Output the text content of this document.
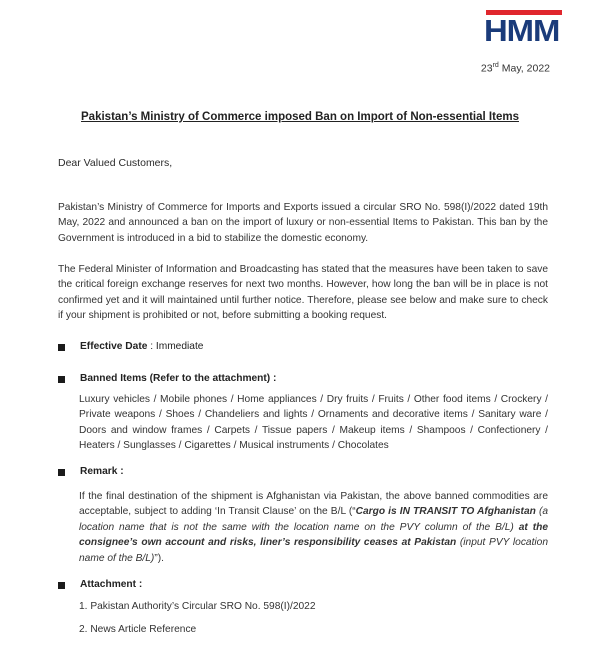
HMM
23rd May, 2022
Pakistan’s Ministry of Commerce imposed Ban on Import of Non-essential Items
Dear Valued Customers,
Pakistan’s Ministry of Commerce for Imports and Exports issued a circular SRO No. 598(I)/2022 dated 19th May, 2022 and announced a ban on the import of luxury or non-essential Items to Pakistan. This ban by the Government is introduced in a bid to stabilize the domestic economy.
The Federal Minister of Information and Broadcasting has stated that the measures have been taken to save the critical foreign exchange reserves for next two months. However, how long the ban will be in place is not confirmed yet and it will maintained until further notice. Therefore, please see below and make sure to check if your shipment is prohibited or not, before submitting a booking request.
Effective Date : Immediate
Banned Items (Refer to the attachment) :
Luxury vehicles / Mobile phones / Home appliances / Dry fruits / Fruits / Other food items / Crockery / Private weapons / Shoes / Chandeliers and lights / Ornaments and decorative items / Sanitary ware / Doors and window frames / Carpets / Tissue papers / Makeup items / Shampoos / Confectionery / Heaters / Sunglasses / Cigarettes / Musical instruments / Chocolates
Remark :
If the final destination of the shipment is Afghanistan via Pakistan, the above banned commodities are acceptable, subject to adding ‘In Transit Clause’ on the B/L (“Cargo is IN TRANSIT TO Afghanistan (a location name that is not the same with the location name on the PVY column of the B/L) at the consignee’s own account and risks, liner’s responsibility ceases at Pakistan (input PVY location name of the B/L)”).
Attachment :
1. Pakistan Authority’s Circular SRO No. 598(I)/2022
2. News Article Reference
